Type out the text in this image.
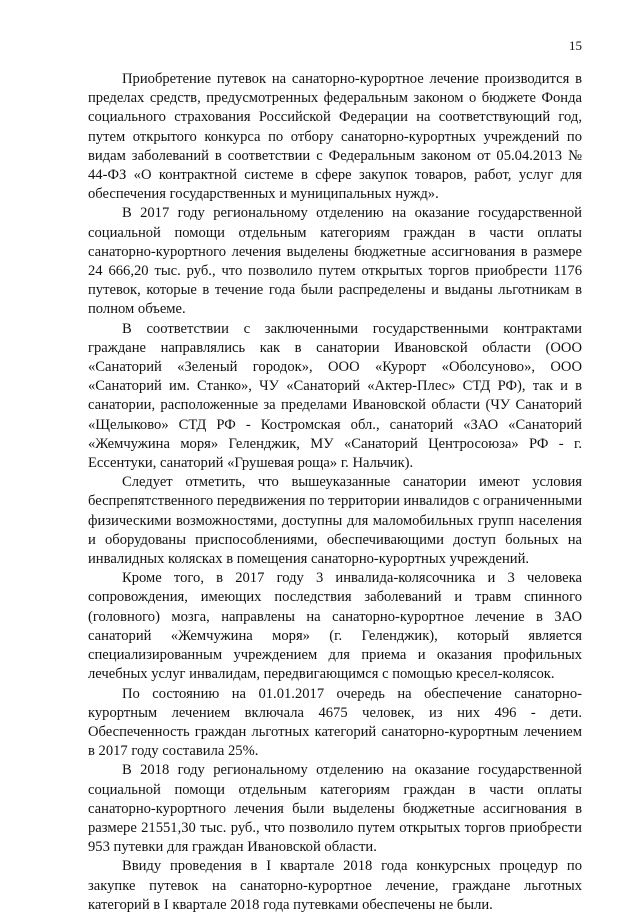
15

Приобретение путевок на санаторно-курортное лечение производится в пределах средств, предусмотренных федеральным законом о бюджете Фонда социального страхования Российской Федерации на соответствующий год, путем открытого конкурса по отбору санаторно-курортных учреждений по видам заболеваний в соответствии с Федеральным законом от 05.04.2013 № 44-ФЗ «О контрактной системе в сфере закупок товаров, работ, услуг для обеспечения государственных и муниципальных нужд».

В 2017 году региональному отделению на оказание государственной социальной помощи отдельным категориям граждан в части оплаты санаторно-курортного лечения выделены бюджетные ассигнования в размере 24 666,20 тыс. руб., что позволило путем открытых торгов приобрести 1176 путевок, которые в течение года были распределены и выданы льготникам в полном объеме.

В соответствии с заключенными государственными контрактами граждане направлялись как в санатории Ивановской области (ООО «Санаторий «Зеленый городок», ООО «Курорт «Оболсуново», ООО «Санаторий им. Станко», ЧУ «Санаторий «Актер-Плес» СТД РФ), так и в санатории, расположенные за пределами Ивановской области (ЧУ Санаторий «Щелыково» СТД РФ - Костромская обл., санаторий «ЗАО «Санаторий «Жемчужина моря» Геленджик, МУ «Санаторий Центросоюза» РФ - г. Ессентуки, санаторий «Грушевая роща» г. Нальчик).

Следует отметить, что вышеуказанные санатории имеют условия беспрепятственного передвижения по территории инвалидов с ограниченными физическими возможностями, доступны для маломобильных групп населения и оборудованы приспособлениями, обеспечивающими доступ больных на инвалидных колясках в помещения санаторно-курортных учреждений.

Кроме того, в 2017 году 3 инвалида-колясочника и 3 человека сопровождения, имеющих последствия заболеваний и травм спинного (головного) мозга, направлены на санаторно-курортное лечение в ЗАО санаторий «Жемчужина моря» (г. Геленджик), который является специализированным учреждением для приема и оказания профильных лечебных услуг инвалидам, передвигающимся с помощью кресел-колясок.

По состоянию на 01.01.2017 очередь на обеспечение санаторно-курортным лечением включала 4675 человек, из них 496 - дети. Обеспеченность граждан льготных категорий санаторно-курортным лечением в 2017 году составила 25%.

В 2018 году региональному отделению на оказание государственной социальной помощи отдельным категориям граждан в части оплаты санаторно-курортного лечения были выделены бюджетные ассигнования в размере 21551,30 тыс. руб., что позволило путем открытых торгов приобрести 953 путевки для граждан Ивановской области.

Ввиду проведения в I квартале 2018 года конкурсных процедур по закупке путевок на санаторно-курортное лечение, граждане льготных категорий в I квартале 2018 года путевками обеспечены не были.
